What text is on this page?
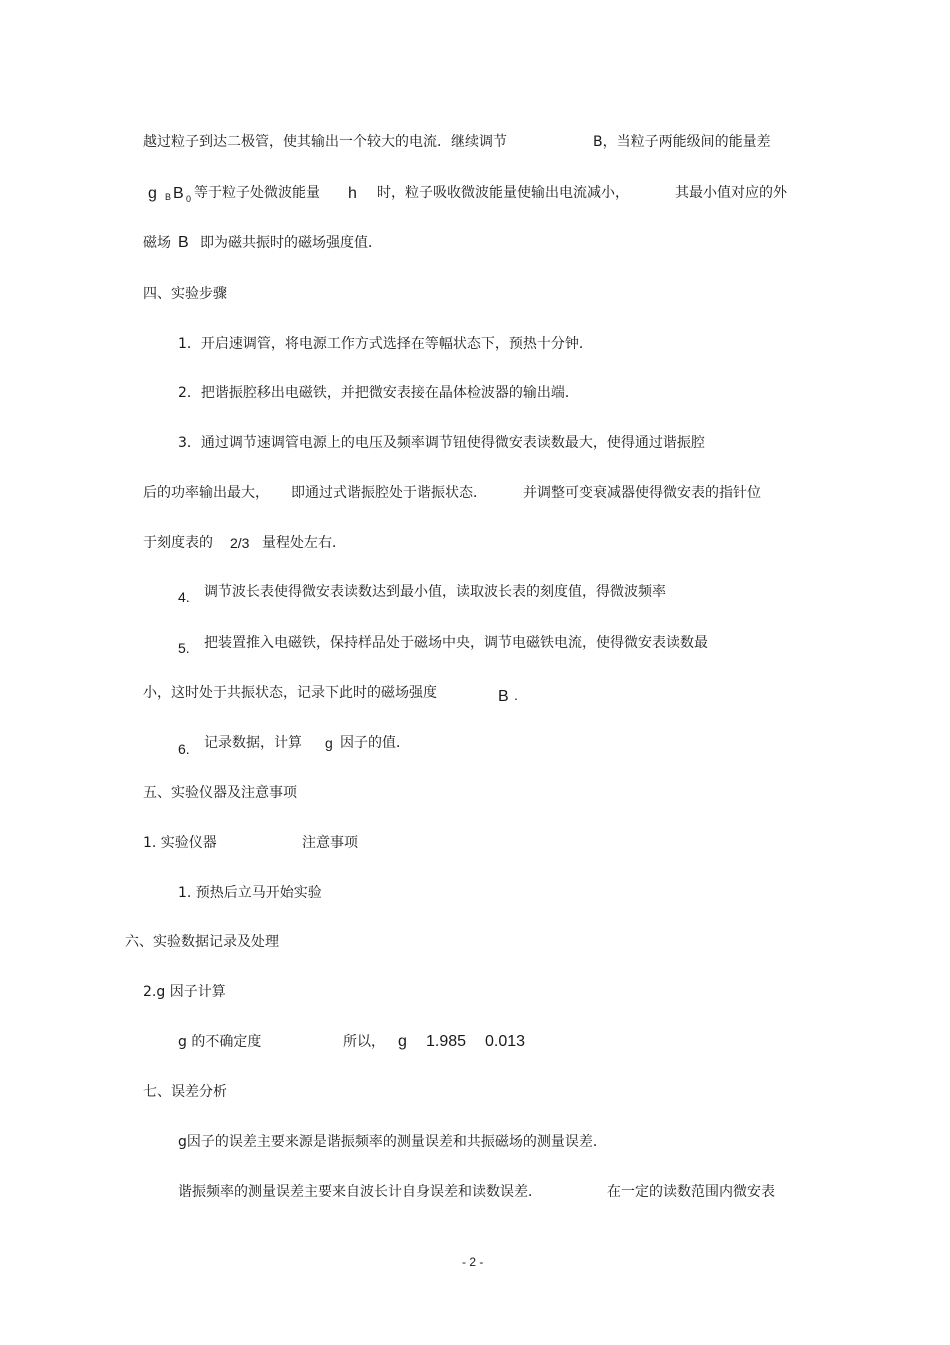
越过粒子到达二极管，使其输出一个较大的电流．继续调节	B，当粒子两能级间的能量差
g B B 0 等于粒子处微波能量 h 时，粒子吸收微波能量使输出电流减小，	其最小值对应的外
磁场 B 即为磁共振时的磁场强度值．
四、实验步骤
1．开启速调管，将电源工作方式选择在等幅状态下，预热十分钟．
2．把谐振腔移出电磁铁，并把微安表接在晶体检波器的输出端．
3．通过调节速调管电源上的电压及频率调节钮使得微安表读数最大，使得通过谐振腔
后的功率输出最大， 即通过式谐振腔处于谐振状态．	并调整可变衰减器使得微安表的指针位
于刻度表的 2/3 量程处左右．
4. 调节波长表使得微安表读数达到最小值，读取波长表的刻度值，得微波频率
5. 把装置推入电磁铁，保持样品处于磁场中央，调节电磁铁电流，使得微安表读数最
小，这时处于共振状态，记录下此时的磁场强度	B .
6. 记录数据，计算 g 因子的值．
五、实验仪器及注意事项
1. 实验仪器	注意事项
1. 预热后立马开始实验
六、实验数据记录及处理
2.g 因子计算
g 的不确定度	所以， g 1.985 0.013
七、误差分析
g因子的误差主要来源是谐振频率的测量误差和共振磁场的测量误差．
谐振频率的测量误差主要来自波长计自身误差和读数误差．	在一定的读数范围内微安表
- 2 -
